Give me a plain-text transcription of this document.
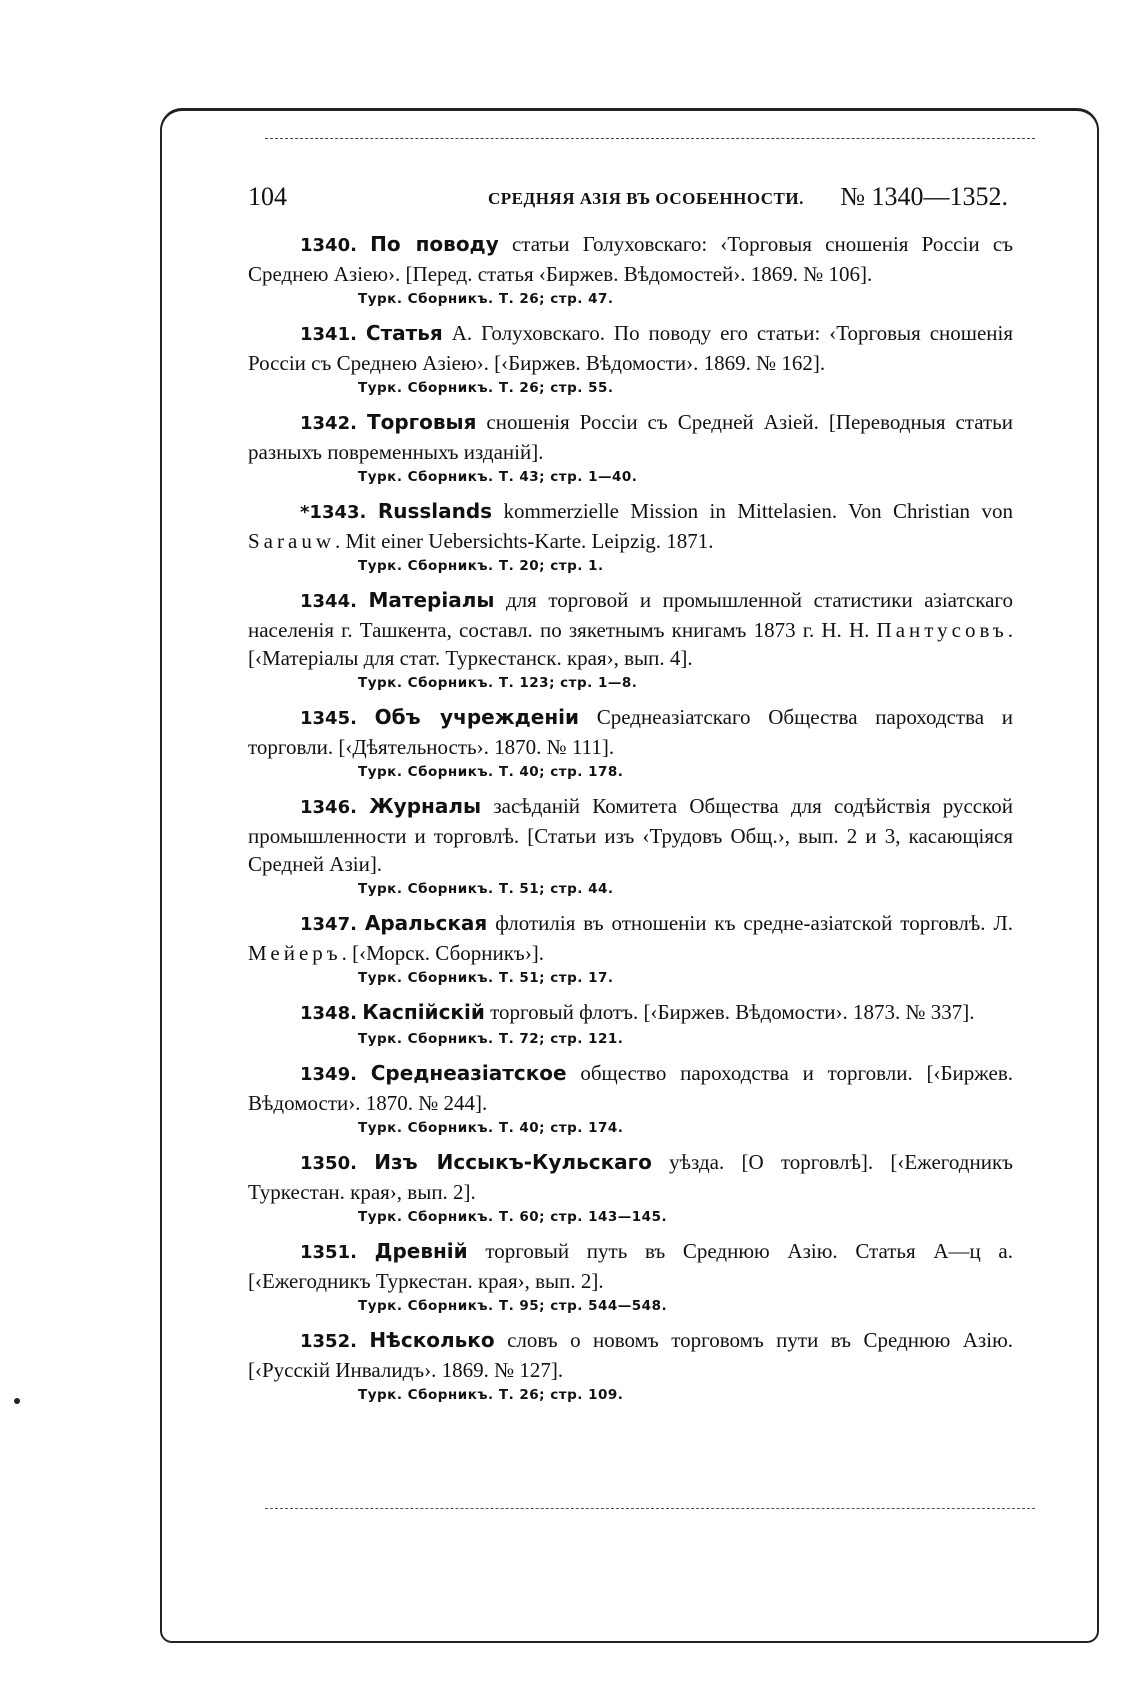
104	СРЕДНЯЯ АЗІЯ ВЪ ОСОБЕННОСТИ. № 1340—1352.

1340. По поводу статьи Голуховскаго: ‹Торговыя сношенія Россіи съ Среднею Азіею›. [Перед. статья ‹Биржев. Вѣдомостей›. 1869. № 106].

Турк. Сборникъ. Т. 26; стр. 47.

1341. Статья А. Голуховскаго. По поводу его статьи: ‹Торговыя сношенія Россіи съ Среднею Азіею›. [‹Биржев. Вѣдомости›. 1869. № 162].

Турк. Сборникъ. Т. 26; стр. 55.

1342. Торговыя сношенія Россіи съ Средней Азіей. [Переводныя статьи разныхъ повременныхъ изданій].

Турк. Сборникъ. Т. 43; стр. 1—40.

*1343. Russlands kommerzielle Mission in Mittelasien. Von Christian von Sarauw. Mit einer Uebersichts-Karte. Leipzig. 1871.

Турк. Сборникъ. Т. 20; стр. 1.

1344. Матеріалы для торговой и промышленной статистики азіатскаго населенія г. Ташкента, составл. по зякетнымъ книгамъ 1873 г. Н. Н. Пантусовъ. [‹Матеріалы для стат. Туркестанск. края›, вып. 4].

Турк. Сборникъ. Т. 123; стр. 1—8.

1345. Объ учрежденіи Среднеазіатскаго Общества пароходства и торговли. [‹Дѣятельность›. 1870. № 111].

Турк. Сборникъ. Т. 40; стр. 178.

1346. Журналы засѣданій Комитета Общества для содѣйствія русской промышленности и торговлѣ. [Статьи изъ ‹Трудовъ Общ.›, вып. 2 и 3, касающіяся Средней Азіи].

Турк. Сборникъ. Т. 51; стр. 44.

1347. Аральская флотилія въ отношеніи къ средне-азіатской торговлѣ. Л. Мейеръ. [‹Морск. Сборникъ›].

Турк. Сборникъ. Т. 51; стр. 17.

1348. Каспійскій торговый флотъ. [‹Биржев. Вѣдомости›. 1873. № 337].

Турк. Сборникъ. Т. 72; стр. 121.

1349. Среднеазіатское общество пароходства и торговли. [‹Биржев. Вѣдомости›. 1870. № 244].

Турк. Сборникъ. Т. 40; стр. 174.

1350. Изъ Иссыкъ-Кульскаго уѣзда. [О торговлѣ]. [‹Ежегодникъ Туркестан. края›, вып. 2].

Турк. Сборникъ. Т. 60; стр. 143—145.

1351. Древній торговый путь въ Среднюю Азію. Статья А—ц а. [‹Ежегодникъ Туркестан. края›, вып. 2].

Турк. Сборникъ. Т. 95; стр. 544—548.

1352. Нѣсколько словъ о новомъ торговомъ пути въ Среднюю Азію. [‹Русскій Инвалидъ›. 1869. № 127].

Турк. Сборникъ. Т. 26; стр. 109.
